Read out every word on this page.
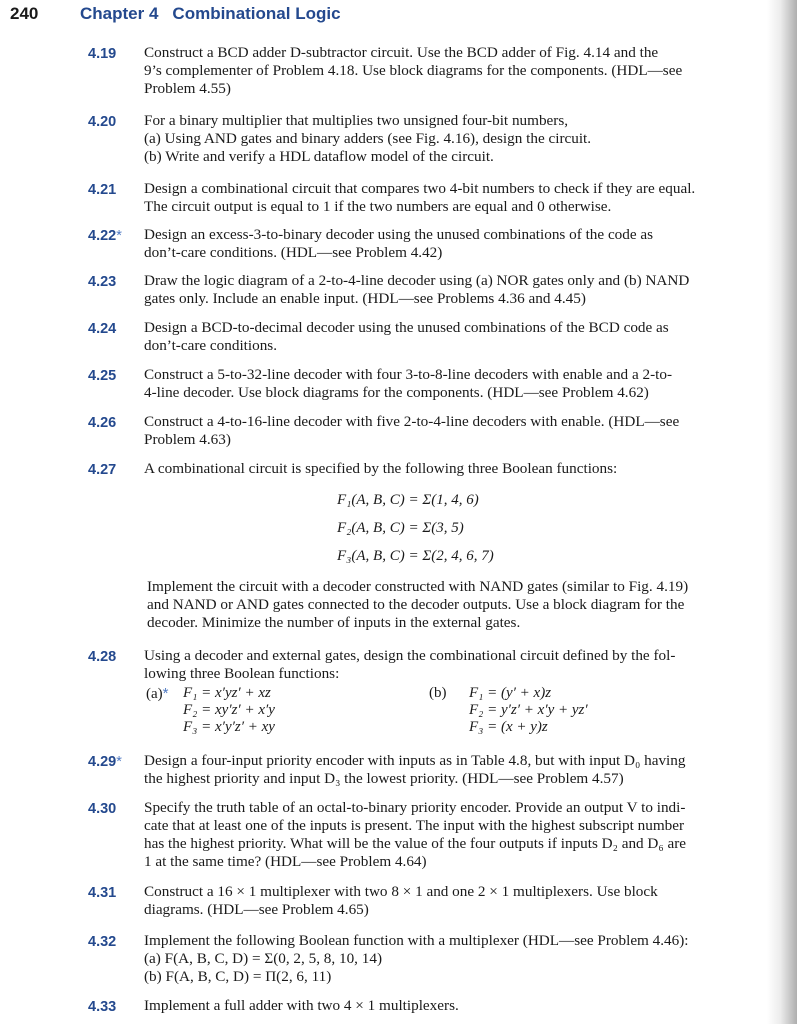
240 Chapter 4 Combinational Logic
4.19 Construct a BCD adder D-subtractor circuit. Use the BCD adder of Fig. 4.14 and the
9’s complementer of Problem 4.18. Use block diagrams for the components. (HDL—see
Problem 4.55)
4.20 For a binary multiplier that multiplies two unsigned four-bit numbers,
(a) Using AND gates and binary adders (see Fig. 4.16), design the circuit.
(b) Write and verify a HDL dataflow model of the circuit.
4.21 Design a combinational circuit that compares two 4-bit numbers to check if they are equal.
The circuit output is equal to 1 if the two numbers are equal and 0 otherwise.
4.22* Design an excess-3-to-binary decoder using the unused combinations of the code as
don’t-care conditions. (HDL—see Problem 4.42)
4.23 Draw the logic diagram of a 2-to-4-line decoder using (a) NOR gates only and (b) NAND
gates only. Include an enable input. (HDL—see Problems 4.36 and 4.45)
4.24 Design a BCD-to-decimal decoder using the unused combinations of the BCD code as
don’t-care conditions.
4.25 Construct a 5-to-32-line decoder with four 3-to-8-line decoders with enable and a 2-to-
4-line decoder. Use block diagrams for the components. (HDL—see Problem 4.62)
4.26 Construct a 4-to-16-line decoder with five 2-to-4-line decoders with enable. (HDL—see
Problem 4.63)
4.27 A combinational circuit is specified by the following three Boolean functions:
F₁(A, B, C) = Σ(1, 4, 6)
F₂(A, B, C) = Σ(3, 5)
F₃(A, B, C) = Σ(2, 4, 6, 7)
Implement the circuit with a decoder constructed with NAND gates (similar to Fig. 4.19)
and NAND or AND gates connected to the decoder outputs. Use a block diagram for the
decoder. Minimize the number of inputs in the external gates.
4.28 Using a decoder and external gates, design the combinational circuit defined by the fol-
lowing three Boolean functions:
(a)* F₁ = x′yz′ + xz
F₂ = xy′z′ + x′y
F₃ = x′y′z′ + xy
(b) F₁ = (y′ + x)z
F₂ = y′z′ + x′y + yz′
F₃ = (x + y)z
4.29* Design a four-input priority encoder with inputs as in Table 4.8, but with input D₀ having
the highest priority and input D₃ the lowest priority. (HDL—see Problem 4.57)
4.30 Specify the truth table of an octal-to-binary priority encoder. Provide an output V to indi-
cate that at least one of the inputs is present. The input with the highest subscript number
has the highest priority. What will be the value of the four outputs if inputs D₂ and D₆ are
1 at the same time? (HDL—see Problem 4.64)
4.31 Construct a 16 × 1 multiplexer with two 8 × 1 and one 2 × 1 multiplexers. Use block
diagrams. (HDL—see Problem 4.65)
4.32 Implement the following Boolean function with a multiplexer (HDL—see Problem 4.46):
(a) F(A, B, C, D) = Σ(0, 2, 5, 8, 10, 14)
(b) F(A, B, C, D) = Π(2, 6, 11)
4.33 Implement a full adder with two 4 × 1 multiplexers.
